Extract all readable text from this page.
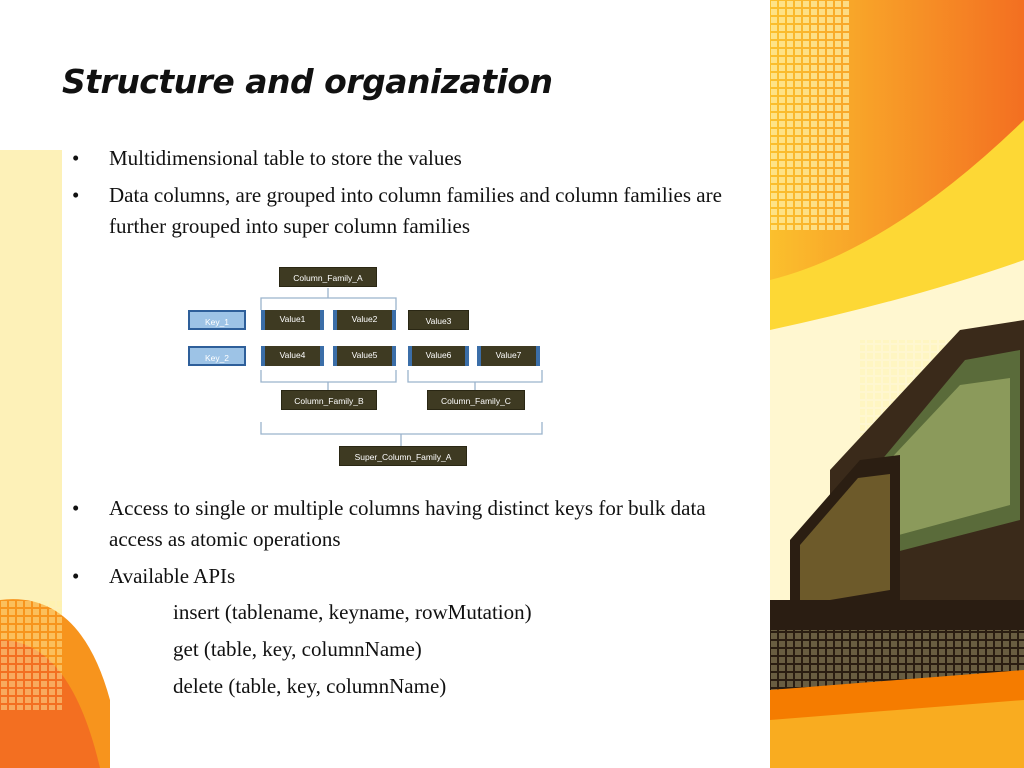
Structure and organization
• Multidimensional table to store the values
• Data columns, are grouped into column families and column families are further grouped into super column families
Column_Family_A
Key_1	Value1	Value2	Value3
Key_2	Value4	Value5	Value6	Value7
Column_Family_B	Column_Family_C
Super_Column_Family_A
• Access to single or multiple columns having distinct keys for bulk data access as atomic operations
• Available APIs
insert (tablename, keyname, rowMutation)
get (table, key, columnName)
delete (table, key, columnName)
